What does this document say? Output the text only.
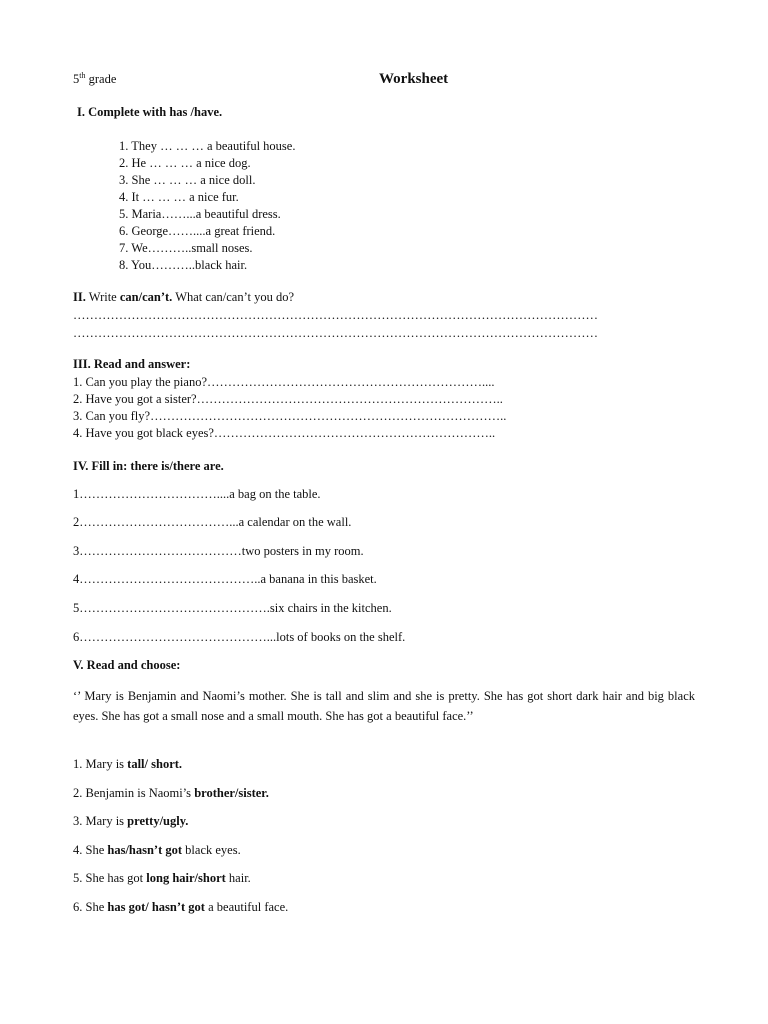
5th grade	Worksheet
I. Complete with has /have.
1. They … … … a beautiful house.
2. He … … … a nice dog.
3. She … … … a nice doll.
4. It … … … a nice fur.
5. Maria……...a beautiful dress.
6. George……....a great friend.
7. We………..small noses.
8. You………..black hair.
II. Write can/can’t. What can/can’t you do?
………………………………………………………………………………………………………………
………………………………………………………………………………………………………………
III. Read and answer:
1. Can you play the piano?…………………………………………………………....
2. Have you got a sister?………………………………………………………………..
3. Can you fly?…………………………………………………………………………..
4. Have you got black eyes?…………………………………………………………..
IV. Fill in: there is/there are.
1……………………………....a bag on the table.
2………………………………...a calendar on the wall.
3…………………………………two posters in my room.
4……………………………………..a banana in this basket.
5……………………………………….six chairs in the kitchen.
6………………………………………...lots of books on the shelf.
V. Read and choose:
‘’ Mary is Benjamin and Naomi’s mother. She is tall and slim and she is pretty. She has got short dark hair and big black eyes. She has got a small nose and a small mouth. She has got a beautiful face.’’
1. Mary is tall/ short.
2. Benjamin is Naomi’s brother/sister.
3. Mary is pretty/ugly.
4. She has/hasn’t got black eyes.
5. She has got long hair/short hair.
6. She has got/ hasn’t got a beautiful face.
